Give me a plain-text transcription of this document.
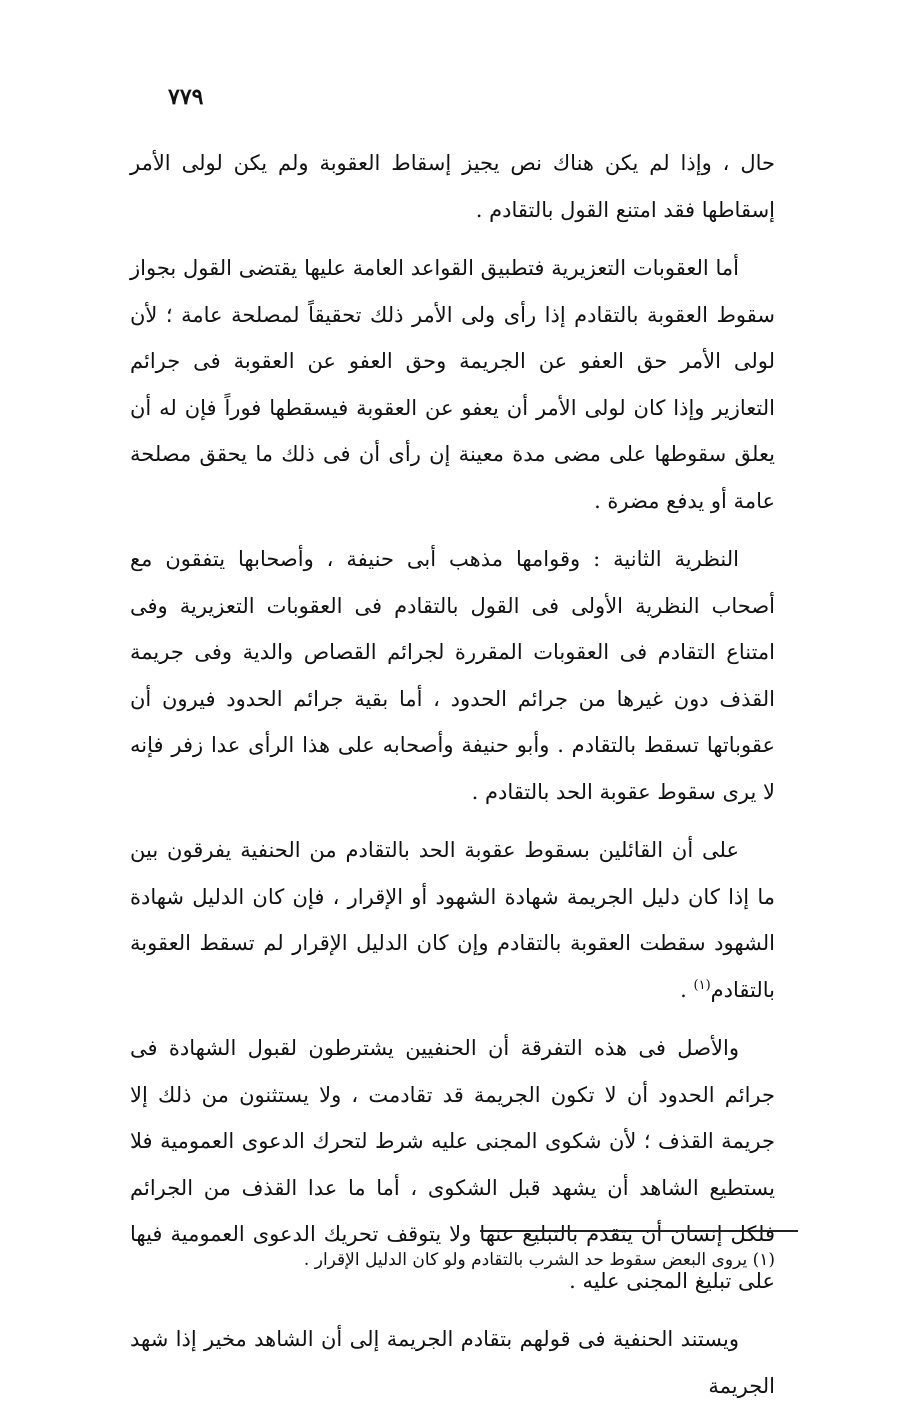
٧٧٩

حال ، وإذا لم يكن هناك نص يجيز إسقاط العقوبة ولم يكن لولى الأمر إسقاطها فقد امتنع القول بالتقادم .

أما العقوبات التعزيرية فتطبيق القواعد العامة عليها يقتضى القول بجواز سقوط العقوبة بالتقادم إذا رأى ولى الأمر ذلك تحقيقاً لمصلحة عامة ؛ لأن لولى الأمر حق العفو عن الجريمة وحق العفو عن العقوبة فى جرائم التعازير وإذا كان لولى الأمر أن يعفو عن العقوبة فيسقطها فوراً فإن له أن يعلق سقوطها على مضى مدة معينة إن رأى أن فى ذلك ما يحقق مصلحة عامة أو يدفع مضرة .

النظرية الثانية : وقوامها مذهب أبى حنيفة ، وأصحابها يتفقون مع أصحاب النظرية الأولى فى القول بالتقادم فى العقوبات التعزيرية وفى امتناع التقادم فى العقوبات المقررة لجرائم القصاص والدية وفى جريمة القذف دون غيرها من جرائم الحدود ، أما بقية جرائم الحدود فيرون أن عقوباتها تسقط بالتقادم . وأبو حنيفة وأصحابه على هذا الرأى عدا زفر فإنه لا يرى سقوط عقوبة الحد بالتقادم .

على أن القائلين بسقوط عقوبة الحد بالتقادم من الحنفية يفرقون بين ما إذا كان دليل الجريمة شهادة الشهود أو الإقرار ، فإن كان الدليل شهادة الشهود سقطت العقوبة بالتقادم وإن كان الدليل الإقرار لم تسقط العقوبة بالتقادم$^{(١)}$ .

والأصل فى هذه التفرقة أن الحنفيين يشترطون لقبول الشهادة فى جرائم الحدود أن لا تكون الجريمة قد تقادمت ، ولا يستثنون من ذلك إلا جريمة القذف ؛ لأن شكوى المجنى عليه شرط لتحرك الدعوى العمومية فلا يستطيع الشاهد أن يشهد قبل الشكوى ، أما ما عدا القذف من الجرائم فلكل إنسان أن يتقدم بالتبليغ عنها ولا يتوقف تحريك الدعوى العمومية فيها على تبليغ المجنى عليه .

ويستند الحنفية فى قولهم بتقادم الجريمة إلى أن الشاهد مخير إذا شهد الجريمة

(١) يروى البعض سقوط حد الشرب بالتقادم ولو كان الدليل الإقرار .
